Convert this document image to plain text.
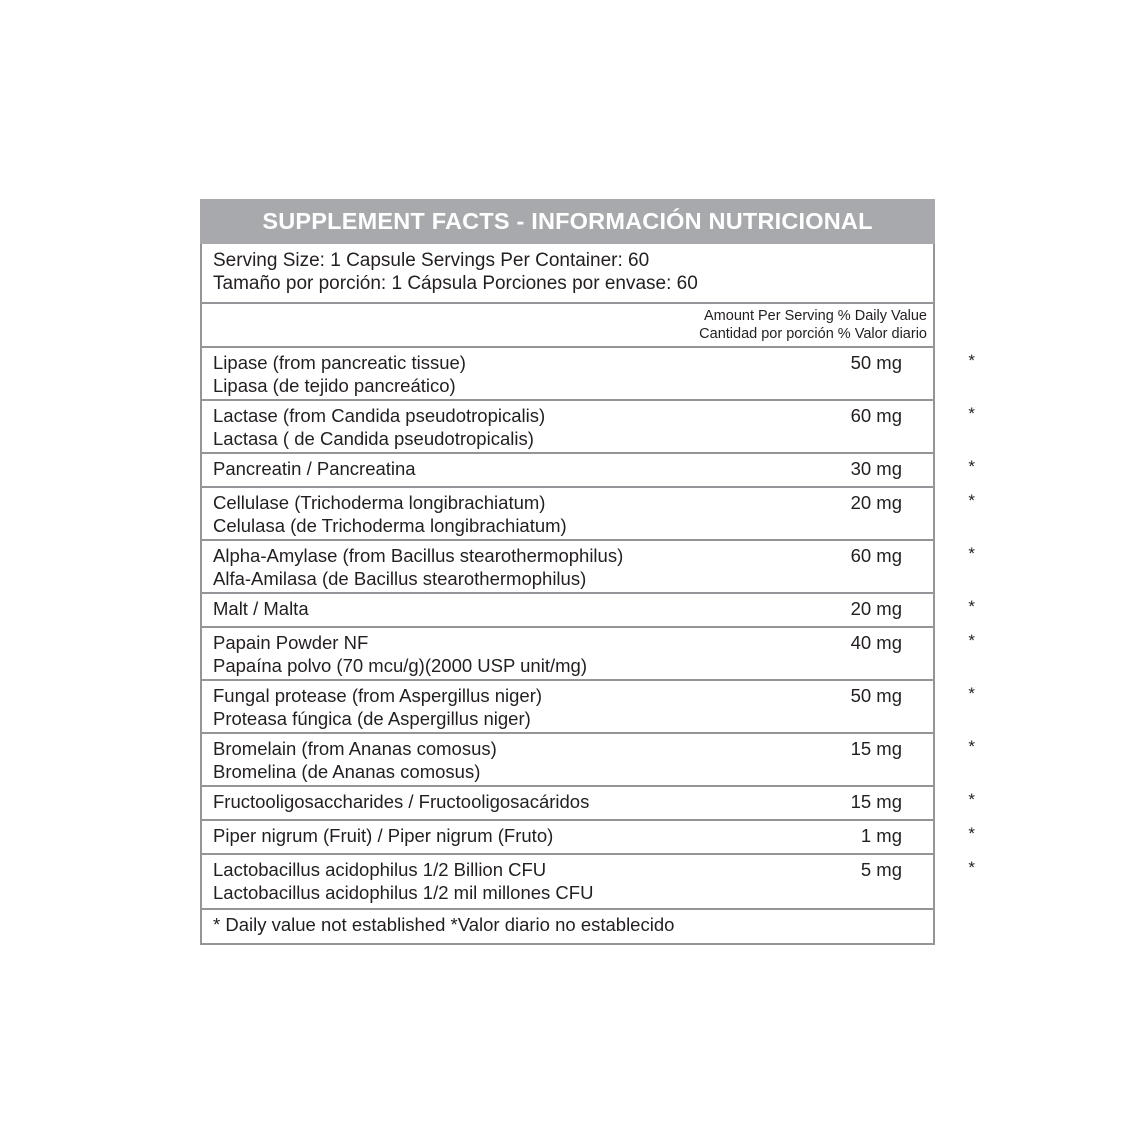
SUPPLEMENT FACTS - INFORMACIÓN NUTRICIONAL
Serving Size: 1 Capsule Servings Per Container: 60
Tamaño por porción: 1 Cápsula Porciones por envase: 60
Amount Per Serving % Daily Value
Cantidad por porción % Valor diario
Lipase (from pancreatic tissue)
Lipasa (de tejido pancreático)
50 mg	*
Lactase (from Candida pseudotropicalis)
Lactasa ( de Candida pseudotropicalis)
60 mg	*
Pancreatin / Pancreatina	30 mg	*
Cellulase (Trichoderma longibrachiatum)
Celulasa (de Trichoderma longibrachiatum)
20 mg	*
Alpha-Amylase (from Bacillus stearothermophilus)
Alfa-Amilasa (de Bacillus stearothermophilus)
60 mg	*
Malt / Malta	20 mg	*
Papain Powder NF
Papaína polvo (70 mcu/g)(2000 USP unit/mg)
40 mg	*
Fungal protease (from Aspergillus niger)
Proteasa fúngica (de Aspergillus niger)
50 mg	*
Bromelain (from Ananas comosus)
Bromelina (de Ananas comosus)
15 mg	*
Fructooligosaccharides / Fructooligosacáridos	15 mg	*
Piper nigrum (Fruit) / Piper nigrum (Fruto)	1 mg	*
Lactobacillus acidophilus 1/2 Billion CFU
Lactobacillus acidophilus 1/2 mil millones CFU
5 mg	*
* Daily value not established *Valor diario no establecido
